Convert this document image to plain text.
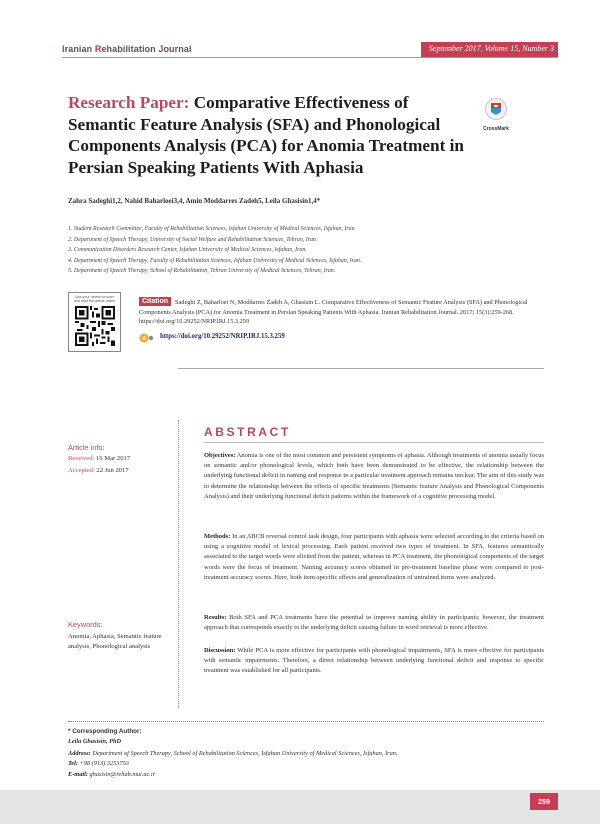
Iranian Rehabilitation Journal	September 2017, Volume 15, Number 3
Research Paper: Comparative Effectiveness of Semantic Feature Analysis (SFA) and Phonological Components Analysis (PCA) for Anomia Treatment in Persian Speaking Patients With Aphasia
CrossMark
Zahra Sadeghi1,2, Nahid Baharloei3,4, Amin Moddarres Zadeh5, Leila Ghasisin1,4*
1. Student Research Committee, Faculty of Rehabilitation Sciences, Isfahan University of Medical Sciences, Isfahan, Iran.
2. Department of Speech Therapy, University of Social Welfare and Rehabilitation Sciences, Tehran, Iran.
3. Communication Disorders Research Center, Isfahan University of Medical Sciences, Isfahan, Iran.
4. Department of Speech Therapy, Faculty of Rehabilitation Sciences, Isfahan University of Medical Sciences, Isfahan, Iran.
5. Department of Speech Therapy, School of Rehabilitation, Tehran University of Medical Sciences, Tehran, Iran.
Use your device to scan and read the article online	Sadeghi Z, Baharloei N, Moddarres Zadeh A, Ghasisin L. Comparative Effectiveness of Semantic Feature Analysis (SFA) and Phonological Components Analysis (PCA) for Anomia Treatment in Persian Speaking Patients With Aphasia. Iranian Rehabilitation Journal. 2017; 15(3):259-268. https://doi.org/10.29252/NRIP.IRJ.15.3.259
Citation
d https://doi.org/10.29252/NRIP.IRJ.15.3.259
Article info:
Received: 16 Mar 2017
Accepted: 22 Jun 2017
Keywords:
Anomia, Aphasia, Semantic feature analysis, Phonological analysis
ABSTRACT

Objectives: Anomia is one of the most common and persistent symptoms of aphasia. Although treatments of anomia usually focus on semantic and/or phonological levels, which both have been demonstrated to be effective, the relationship between the underlying functional deficit in naming and response to a particular treatment approach remains unclear. The aim of this study was to determine the relationship between the effects of specific treatments (Semantic feature Analysis and Phonological Components Analysis) and their underlying functional deficit patterns within the framework of a cognitive processing model.

Methods: In an ABCB reversal control task design, four participants with aphasia were selected according to the criteria based on using a cognitive model of lexical processing. Each patient received two types of treatment. In SFA, features semantically associated to the target words were elicited from the patient, whereas in PCA treatment, the phonological components of the target words were the focus of treatment. Naming accuracy scores obtained in pre-treatment baseline phase were compared to post-treatment accuracy scores. Here, both item-specific effects and generalization of untrained items were analyzed.

Results: Both SFA and PCA treatments have the potential to improve naming ability in participants; however, the treatment approach that corresponds exactly to the underlying deficit causing failure in word retrieval is more effective.

Discussion: While PCA is more effective for participants with phonological impairments, SFA is more effective for participants with semantic impairments. Therefore, a direct relationship between underlying functional deficit and response to specific treatment was established for all participants.

* Corresponding Author:
Leila Ghasisin, PhD
Address: Department of Speech Therapy, School of Rehabilitation Sciences, Isfahan University of Medical Sciences, Isfahan, Iran.
Tel: +98 (913) 3253753
E-mail: ghasisin@rehab.mui.ac.ir
259
